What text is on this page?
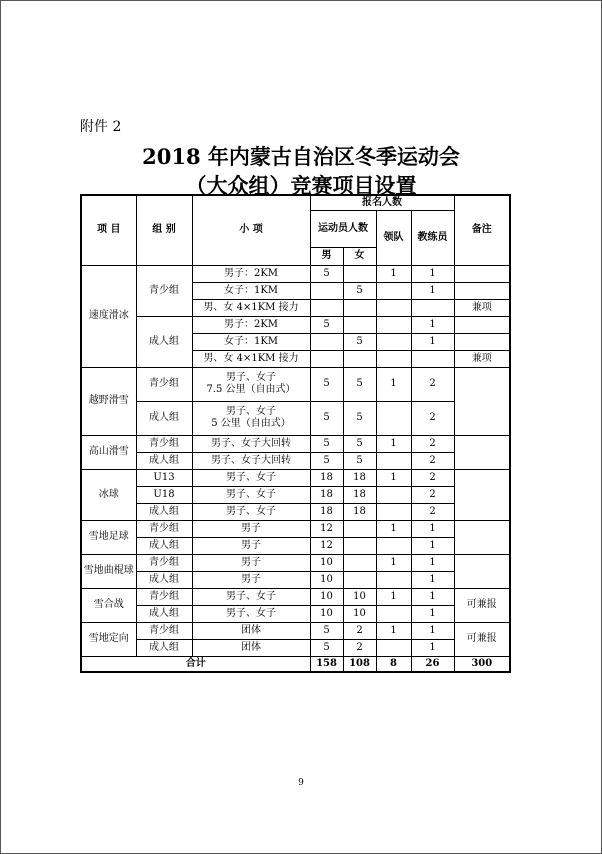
附件 2
2018 年内蒙古自治区冬季运动会
（大众组）竞赛项目设置
项 目	组 别	小 项	报名人数				备注
			运动员人数		领队	教练员	
			男	女			
速度滑冰	青少组	男子：2KM	5		1	1	
		女子：1KM		5		1	
		男、女 4×1KM 接力					兼项
	成人组	男子：2KM	5			1	
		女子：1KM		5		1	
		男、女 4×1KM 接力					兼项
越野滑雪	青少组	男子、女子
7.5 公里（自由式）	5	5	1	2	
	成人组	男子、女子
5 公里（自由式）	5	5		2	
高山滑雪	青少组	男子、女子大回转	5	5	1	2	
	成人组	男子、女子大回转	5	5		2	
冰球	U13	男子、女子	18	18	1	2	
	U18	男子、女子	18	18		2	
	成人组	男子、女子	18	18		2	
雪地足球	青少组	男子	12		1	1	
	成人组	男子	12			1	
雪地曲棍球	青少组	男子	10		1	1	
	成人组	男子	10			1	
雪合战	青少组	男子、女子	10	10	1	1	可兼报
	成人组	男子、女子	10	10		1	
雪地定向	青少组	团体	5	2	1	1	可兼报
	成人组	团体	5	2		1	
合计			158	108	8	26	300
9
